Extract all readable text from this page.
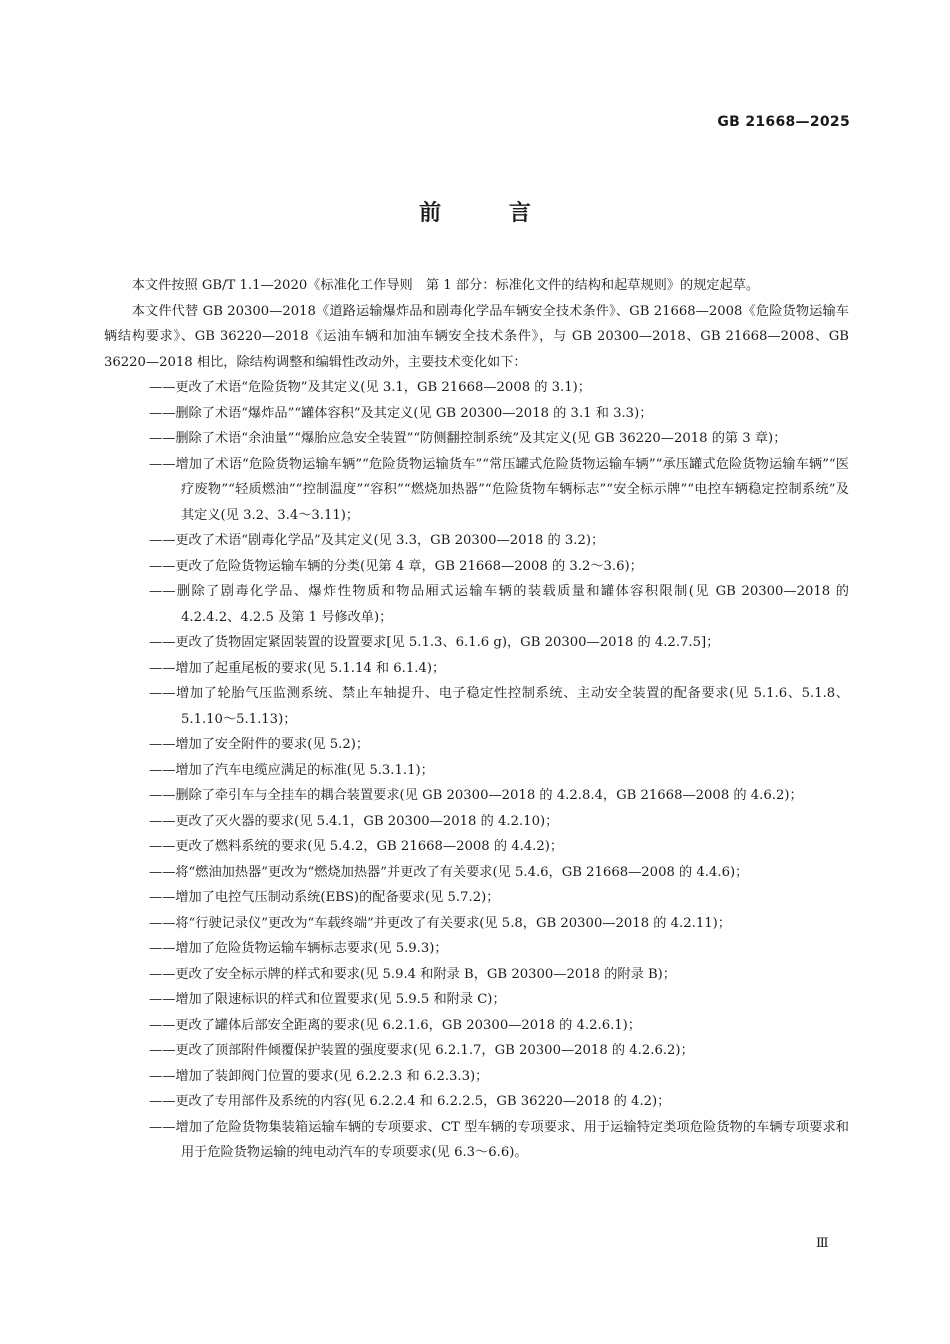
GB 21668—2025
前 言

本文件按照 GB/T 1.1—2020《标准化工作导则　第 1 部分：标准化文件的结构和起草规则》的规定起草。

本文件代替 GB 20300—2018《道路运输爆炸品和剧毒化学品车辆安全技术条件》、GB 21668—2008《危险货物运输车辆结构要求》、GB 36220—2018《运油车辆和加油车辆安全技术条件》，与 GB 20300—2018、GB 21668—2008、GB 36220—2018 相比，除结构调整和编辑性改动外，主要技术变化如下：

——更改了术语“危险货物”及其定义(见 3.1，GB 21668—2008 的 3.1)；
——删除了术语“爆炸品”“罐体容积”及其定义(见 GB 20300—2018 的 3.1 和 3.3)；
——删除了术语“余油量”“爆胎应急安全装置”“防侧翻控制系统”及其定义(见 GB 36220—2018 的第 3 章)；
——增加了术语“危险货物运输车辆”“危险货物运输货车”“常压罐式危险货物运输车辆”“承压罐式危险货物运输车辆”“医疗废物”“轻质燃油”“控制温度”“容积”“燃烧加热器”“危险货物车辆标志”“安全标示牌”“电控车辆稳定控制系统”及其定义(见 3.2、3.4～3.11)；
——更改了术语“剧毒化学品”及其定义(见 3.3，GB 20300—2018 的 3.2)；
——更改了危险货物运输车辆的分类(见第 4 章，GB 21668—2008 的 3.2～3.6)；
——删除了剧毒化学品、爆炸性物质和物品厢式运输车辆的装载质量和罐体容积限制(见 GB 20300—2018 的 4.2.4.2、4.2.5 及第 1 号修改单)；
——更改了货物固定紧固装置的设置要求[见 5.1.3、6.1.6 g)，GB 20300—2018 的 4.2.7.5]；
——增加了起重尾板的要求(见 5.1.14 和 6.1.4)；
——增加了轮胎气压监测系统、禁止车轴提升、电子稳定性控制系统、主动安全装置的配备要求(见 5.1.6、5.1.8、5.1.10～5.1.13)；
——增加了安全附件的要求(见 5.2)；
——增加了汽车电缆应满足的标准(见 5.3.1.1)；
——删除了牵引车与全挂车的耦合装置要求(见 GB 20300—2018 的 4.2.8.4，GB 21668—2008 的 4.6.2)；
——更改了灭火器的要求(见 5.4.1，GB 20300—2018 的 4.2.10)；
——更改了燃料系统的要求(见 5.4.2，GB 21668—2008 的 4.4.2)；
——将“燃油加热器”更改为“燃烧加热器”并更改了有关要求(见 5.4.6，GB 21668—2008 的 4.4.6)；
——增加了电控气压制动系统(EBS)的配备要求(见 5.7.2)；
——将“行驶记录仪”更改为“车载终端”并更改了有关要求(见 5.8，GB 20300—2018 的 4.2.11)；
——增加了危险货物运输车辆标志要求(见 5.9.3)；
——更改了安全标示牌的样式和要求(见 5.9.4 和附录 B，GB 20300—2018 的附录 B)；
——增加了限速标识的样式和位置要求(见 5.9.5 和附录 C)；
——更改了罐体后部安全距离的要求(见 6.2.1.6，GB 20300—2018 的 4.2.6.1)；
——更改了顶部附件倾覆保护装置的强度要求(见 6.2.1.7，GB 20300—2018 的 4.2.6.2)；
——增加了装卸阀门位置的要求(见 6.2.2.3 和 6.2.3.3)；
——更改了专用部件及系统的内容(见 6.2.2.4 和 6.2.2.5，GB 36220—2018 的 4.2)；
——增加了危险货物集装箱运输车辆的专项要求、CT 型车辆的专项要求、用于运输特定类项危险货物的车辆专项要求和用于危险货物运输的纯电动汽车的专项要求(见 6.3～6.6)。
Ⅲ
